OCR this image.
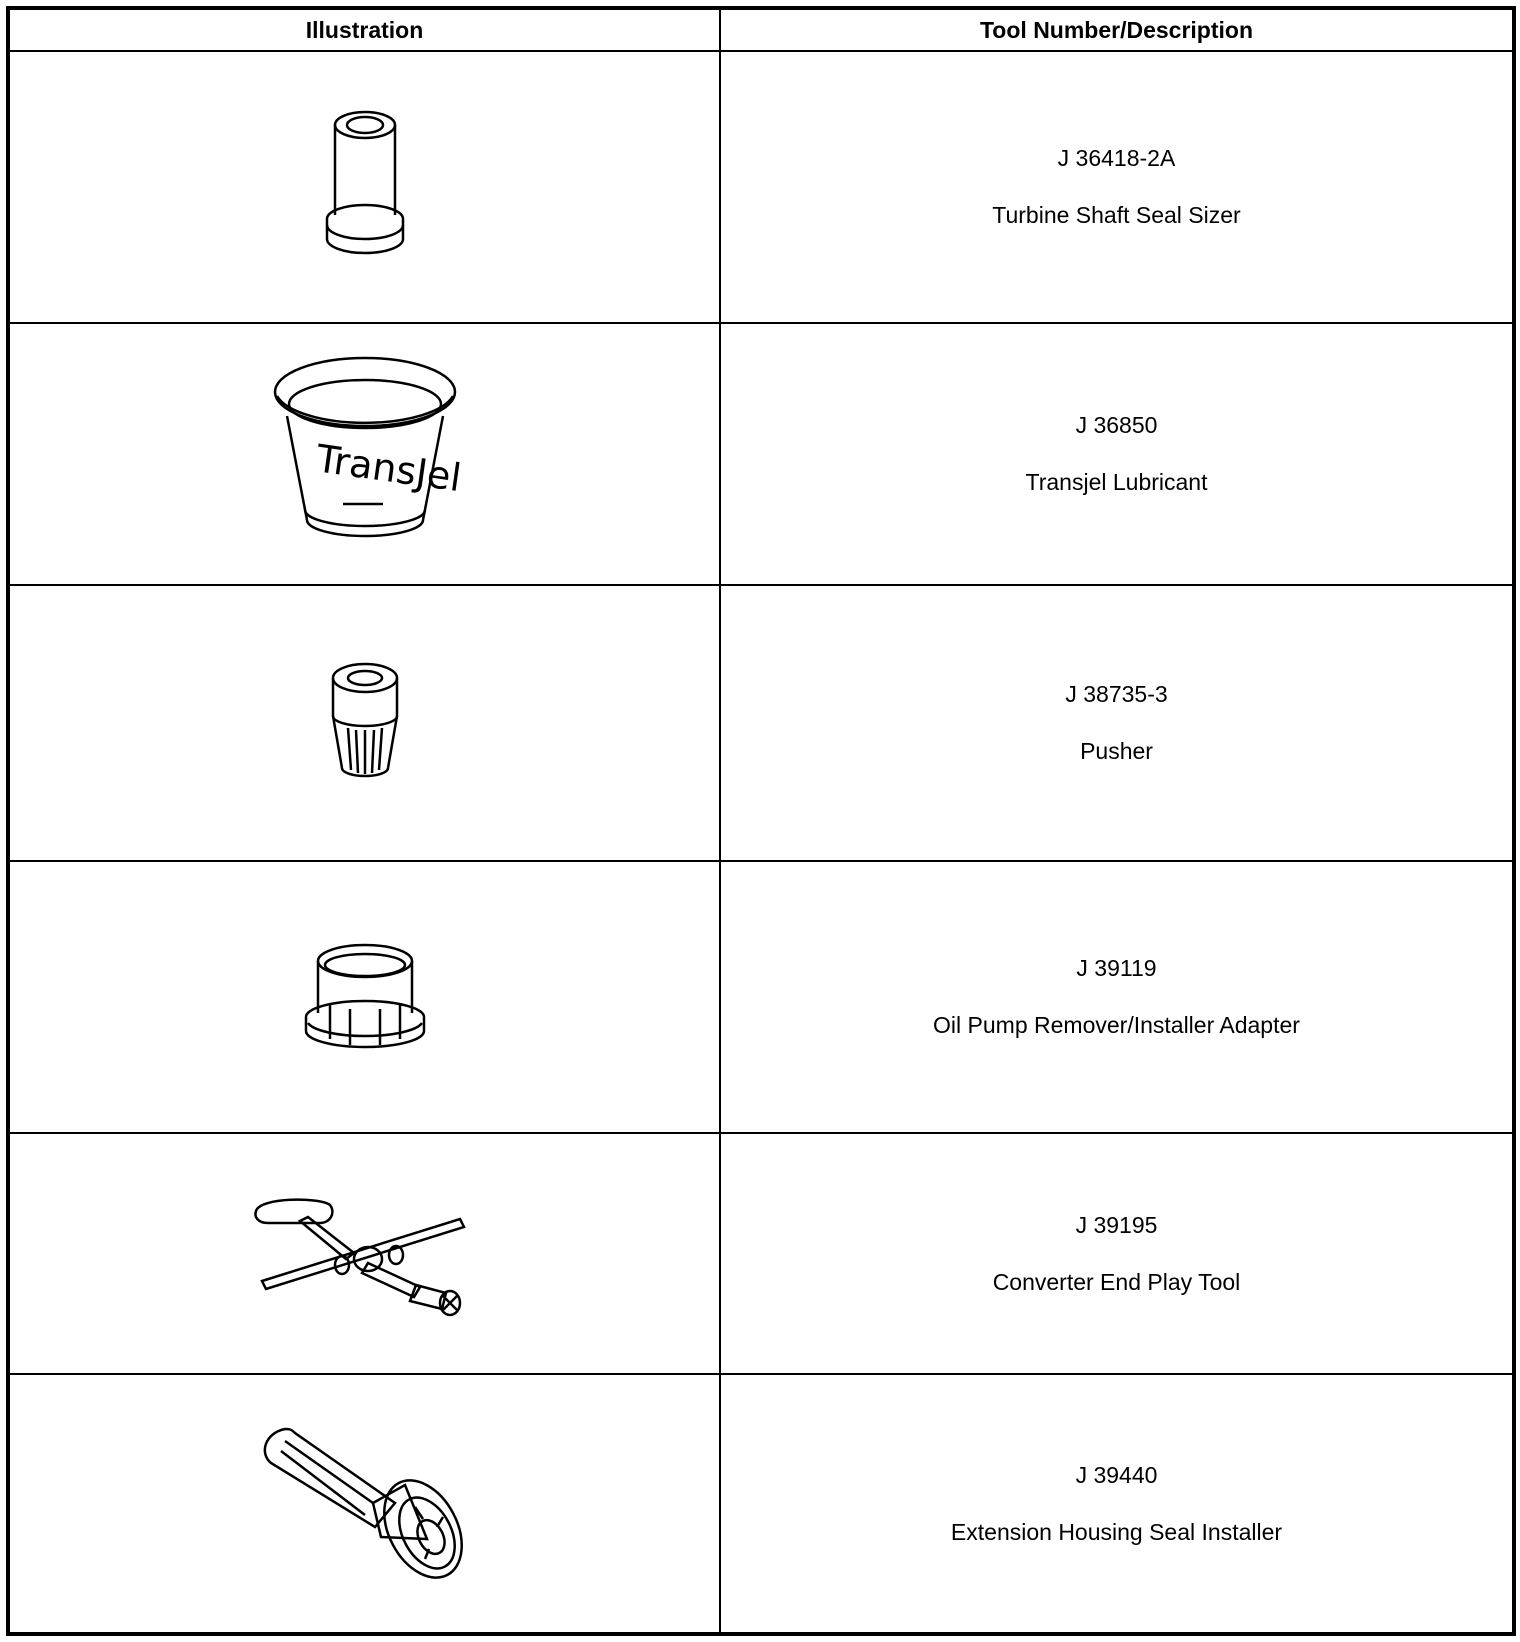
Illustration	Tool Number/Description

J 36418-2A
Turbine Shaft Seal Sizer

TransJel	J 36850
Transjel Lubricant

J 38735-3
Pusher

J 39119
Oil Pump Remover/Installer Adapter

J 39195
Converter End Play Tool

J 39440
Extension Housing Seal Installer
